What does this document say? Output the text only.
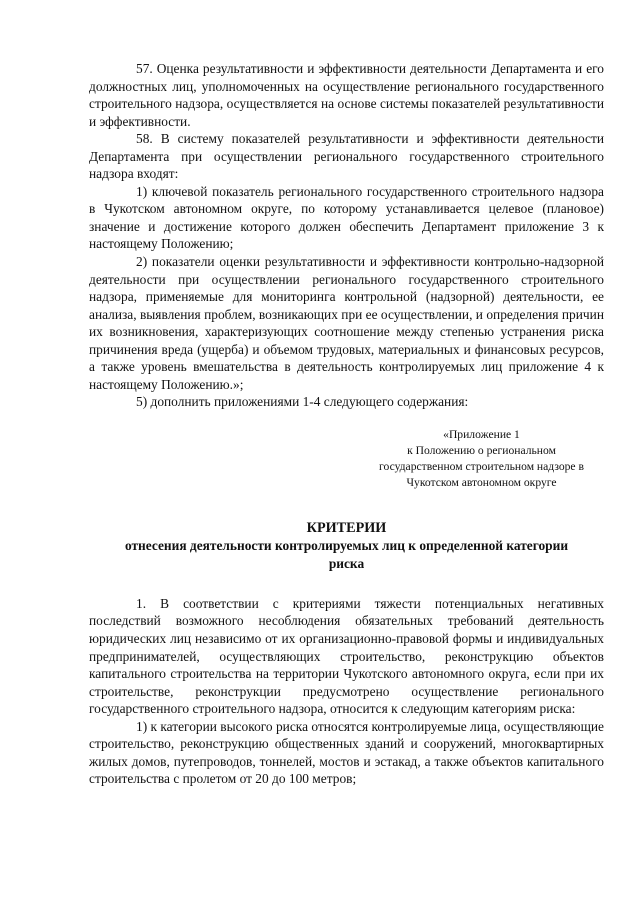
57. Оценка результативности и эффективности деятельности Департамента и его должностных лиц, уполномоченных на осуществление регионального государственного строительного надзора, осуществляется на основе системы показателей результативности и эффективности.

58. В систему показателей результативности и эффективности деятельности Департамента при осуществлении регионального государственного строительного надзора входят:

1) ключевой показатель регионального государственного строительного надзора в Чукотском автономном округе, по которому устанавливается целевое (плановое) значение и достижение которого должен обеспечить Департамент приложение 3 к настоящему Положению;

2) показатели оценки результативности и эффективности контрольно-надзорной деятельности при осуществлении регионального государственного строительного надзора, применяемые для мониторинга контрольной (надзорной) деятельности, ее анализа, выявления проблем, возникающих при ее осуществлении, и определения причин их возникновения, характеризующих соотношение между степенью устранения риска причинения вреда (ущерба) и объемом трудовых, материальных и финансовых ресурсов, а также уровень вмешательства в деятельность контролируемых лиц приложение 4 к настоящему Положению.»;

5) дополнить приложениями 1-4 следующего содержания:

«Приложение 1
к Положению о региональном
государственном строительном надзоре в
Чукотском автономном округе
КРИТЕРИИ
отнесения деятельности контролируемых лиц к определенной категории риска

1. В соответствии с критериями тяжести потенциальных негативных последствий возможного несоблюдения обязательных требований деятельность юридических лиц независимо от их организационно-правовой формы и индивидуальных предпринимателей, осуществляющих строительство, реконструкцию объектов капитального строительства на территории Чукотского автономного округа, если при их строительстве, реконструкции предусмотрено осуществление регионального государственного строительного надзора, относится к следующим категориям риска:

1) к категории высокого риска относятся контролируемые лица, осуществляющие строительство, реконструкцию общественных зданий и сооружений, многоквартирных жилых домов, путепроводов, тоннелей, мостов и эстакад, а также объектов капитального строительства с пролетом от 20 до 100 метров;
